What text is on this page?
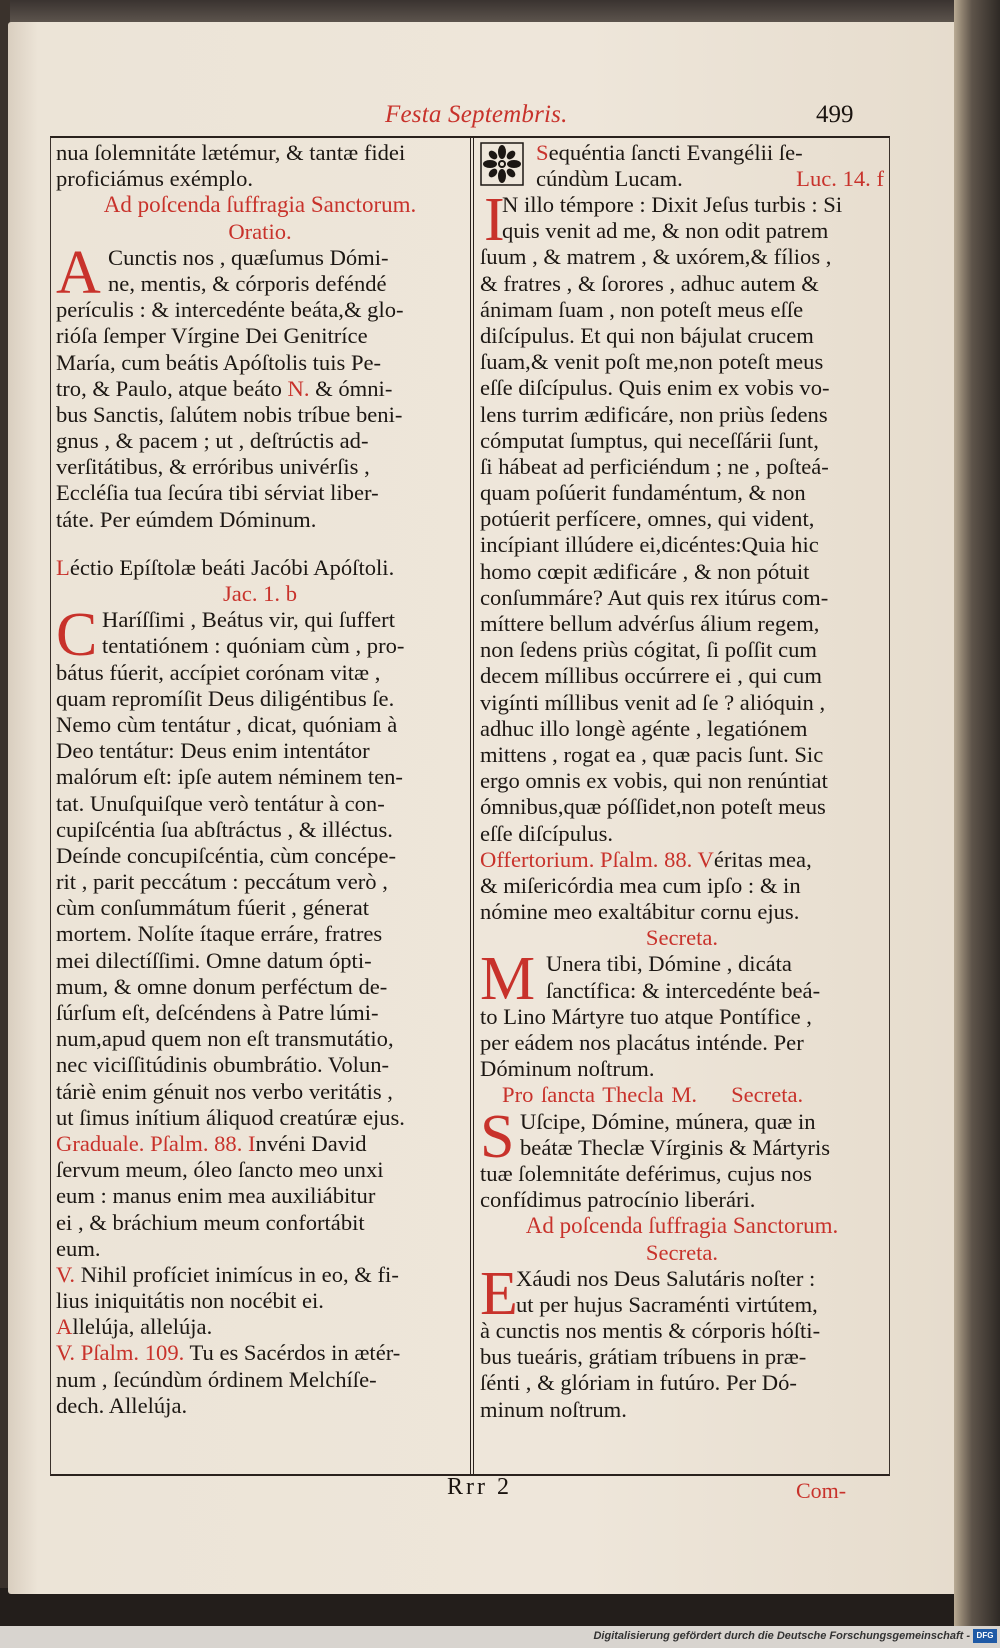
Festa Septembris.	499
nua ſolemnitáte lætémur, & tantæ fidei
proficiámus exémplo.
Ad poſcenda ſuffragia Sanctorum.
Oratio.
A Cunctis nos , quæſumus Dómi-
ne, mentis, & córporis deféndé
perículis : & intercedénte beáta,& glo-
rióſa ſemper Vírgine Dei Genitríce
María, cum beátis Apóſtolis tuis Pe-
tro, & Paulo, atque beáto N. & ómni-
bus Sanctis, ſalútem nobis tríbue beni-
gnus , & pacem ; ut , deſtrúctis ad-
verſitátibus, & erróribus univérſis ,
Eccléſia tua ſecúra tibi sérviat liber-
táte. Per eúmdem Dóminum.
Léctio Epíſtolæ beáti Jacóbi Apóſtoli.
Jac. 1. b
C Haríſſimi , Beátus vir, qui ſuffert
tentatiónem : quóniam cùm , pro-
bátus fúerit, accípiet corónam vitæ ,
quam repromíſit Deus diligéntibus ſe.
Nemo cùm tentátur , dicat, quóniam à
Deo tentátur: Deus enim intentátor
malórum eſt: ipſe autem néminem ten-
tat. Unuſquiſque verò tentátur à con-
cupiſcéntia ſua abſtráctus , & illéctus.
Deínde concupiſcéntia, cùm concépe-
rit , parit peccátum : peccátum verò ,
cùm conſummátum fúerit , génerat
mortem. Nolíte ítaque erráre, fratres
mei dilectíſſimi. Omne datum ópti-
mum, & omne donum perféctum de-
ſúrſum eſt, deſcéndens à Patre lúmi-
num,apud quem non eſt transmutátio,
nec viciſſitúdinis obumbrátio. Volun-
táriè enim génuit nos verbo veritátis ,
ut ſimus inítium áliquod creatúræ ejus.
Graduale. Pſalm. 88. Invéni David
ſervum meum, óleo ſancto meo unxi
eum : manus enim mea auxiliábitur
ei , & bráchium meum confortábit
eum.
V. Nihil profíciet inimícus in eo, & fi-
lius iniquitátis non nocébit ei.
Allelúja, allelúja.
V. Pſalm. 109. Tu es Sacérdos in ætér-
num , ſecúndùm órdinem Melchíſe-
dech. Allelúja.
Sequéntia ſancti Evangélii ſe-
cúndùm Lucam.	Luc. 14. f
I
N illo témpore : Dixit Jeſus turbis : Si
quis venit ad me, & non odit patrem
ſuum , & matrem , & uxórem,& fílios ,
& fratres , & ſorores , adhuc autem &
ánimam ſuam , non poteſt meus eſſe
diſcípulus. Et qui non bájulat crucem
ſuam,& venit poſt me,non poteſt meus
eſſe diſcípulus. Quis enim ex vobis vo-
lens turrim ædificáre, non priùs ſedens
cómputat ſumptus, qui neceſſárii ſunt,
ſi hábeat ad perficiéndum ; ne , poſteá-
quam poſúerit fundaméntum, & non
potúerit perfícere, omnes, qui vident,
incípiant illúdere ei,dicéntes:Quia hic
homo cœpit ædificáre , & non pótuit
conſummáre? Aut quis rex itúrus com-
míttere bellum advérſus álium regem,
non ſedens priùs cógitat, ſi poſſit cum
decem míllibus occúrrere ei , qui cum
vigínti míllibus venit ad ſe ? alióquin ,
adhuc illo longè agénte , legatiónem
mittens , rogat ea , quæ pacis ſunt. Sic
ergo omnis ex vobis, qui non renúntiat
ómnibus,quæ póſſidet,non poteſt meus
eſſe diſcípulus.
Offertorium. Pſalm. 88. Véritas mea,
& miſericórdia mea cum ipſo : & in
nómine meo exaltábitur cornu ejus.
Secreta.
M Unera tibi, Dómine , dicáta
ſanctífica: & intercedénte beá-
to Lino Mártyre tuo atque Pontífice ,
per eádem nos placátus inténde. Per
Dóminum noſtrum.
Pro ſancta Thecla M. Secreta.
S Uſcipe, Dómine, múnera, quæ in
beátæ Theclæ Vírginis & Mártyris
tuæ ſolemnitáte deférimus, cujus nos
confídimus patrocínio liberári.
Ad poſcenda ſuffragia Sanctorum.
Secreta.
E
Xáudi nos Deus Salutáris noſter :
ut per hujus Sacraménti virtútem,
à cunctis nos mentis & córporis hóſti-
bus tueáris, grátiam tríbuens in præ-
ſénti , & glóriam in futúro. Per Dó-
minum noſtrum.
Rrr 2	Com-
Digitalisierung gefördert durch die Deutsche Forschungsgemeinschaft - DFG
